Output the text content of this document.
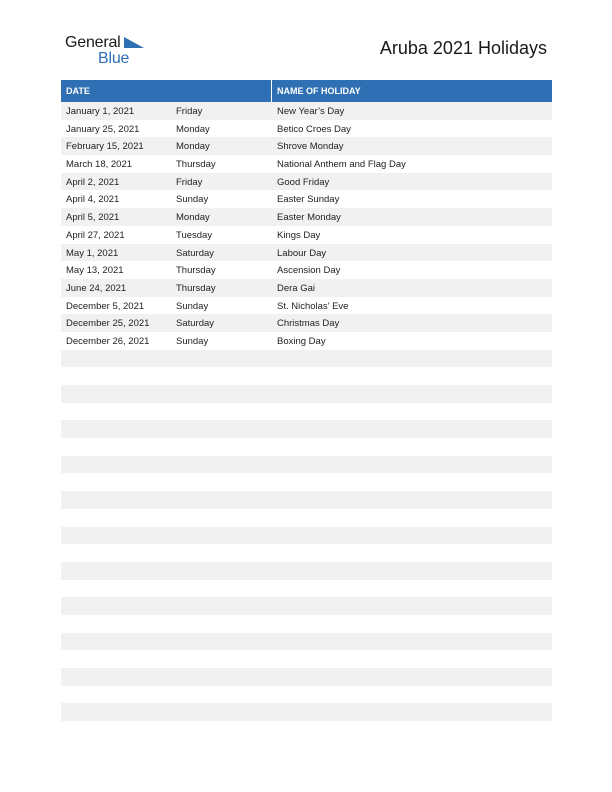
General
Blue
Aruba 2021 Holidays
DATE	NAME OF HOLIDAY
January 1, 2021	Friday	New Year’s Day
January 25, 2021	Monday	Betico Croes Day
February 15, 2021	Monday	Shrove Monday
March 18, 2021	Thursday	National Anthem and Flag Day
April 2, 2021	Friday	Good Friday
April 4, 2021	Sunday	Easter Sunday
April 5, 2021	Monday	Easter Monday
April 27, 2021	Tuesday	Kings Day
May 1, 2021	Saturday	Labour Day
May 13, 2021	Thursday	Ascension Day
June 24, 2021	Thursday	Dera Gai
December 5, 2021	Sunday	St. Nicholas’ Eve
December 25, 2021	Saturday	Christmas Day
December 26, 2021	Sunday	Boxing Day
